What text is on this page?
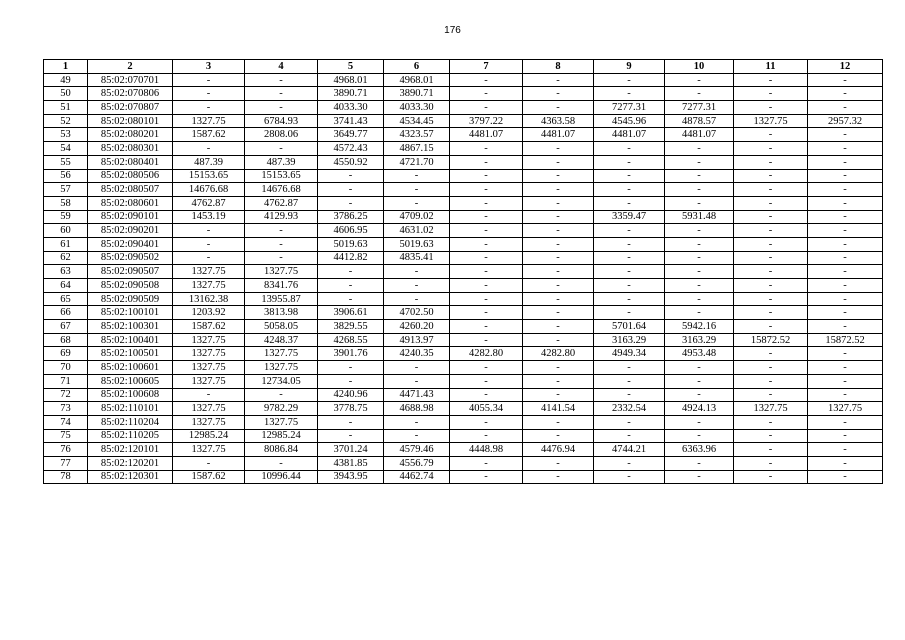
176
1	2	3	4	5	6	7	8	9	10	11	12
49	85:02:070701	-	-	4968.01	4968.01	-	-	-	-	-	-
50	85:02:070806	-	-	3890.71	3890.71	-	-	-	-	-	-
51	85:02:070807	-	-	4033.30	4033.30	-	-	7277.31	7277.31	-	-
52	85:02:080101	1327.75	6784.93	3741.43	4534.45	3797.22	4363.58	4545.96	4878.57	1327.75	2957.32
53	85:02:080201	1587.62	2808.06	3649.77	4323.57	4481.07	4481.07	4481.07	4481.07	-	-
54	85:02:080301	-	-	4572.43	4867.15	-	-	-	-	-	-
55	85:02:080401	487.39	487.39	4550.92	4721.70	-	-	-	-	-	-
56	85:02:080506	15153.65	15153.65	-	-	-	-	-	-	-	-
57	85:02:080507	14676.68	14676.68	-	-	-	-	-	-	-	-
58	85:02:080601	4762.87	4762.87	-	-	-	-	-	-	-	-
59	85:02:090101	1453.19	4129.93	3786.25	4709.02	-	-	3359.47	5931.48	-	-
60	85:02:090201	-	-	4606.95	4631.02	-	-	-	-	-	-
61	85:02:090401	-	-	5019.63	5019.63	-	-	-	-	-	-
62	85:02:090502	-	-	4412.82	4835.41	-	-	-	-	-	-
63	85:02:090507	1327.75	1327.75	-	-	-	-	-	-	-	-
64	85:02:090508	1327.75	8341.76	-	-	-	-	-	-	-	-
65	85:02:090509	13162.38	13955.87	-	-	-	-	-	-	-	-
66	85:02:100101	1203.92	3813.98	3906.61	4702.50	-	-	-	-	-	-
67	85:02:100301	1587.62	5058.05	3829.55	4260.20	-	-	5701.64	5942.16	-	-
68	85:02:100401	1327.75	4248.37	4268.55	4913.97	-	-	3163.29	3163.29	15872.52	15872.52
69	85:02:100501	1327.75	1327.75	3901.76	4240.35	4282.80	4282.80	4949.34	4953.48	-	-
70	85:02:100601	1327.75	1327.75	-	-	-	-	-	-	-	-
71	85:02:100605	1327.75	12734.05	-	-	-	-	-	-	-	-
72	85:02:100608	-	-	4240.96	4471.43	-	-	-	-	-	-
73	85:02:110101	1327.75	9782.29	3778.75	4688.98	4055.34	4141.54	2332.54	4924.13	1327.75	1327.75
74	85:02:110204	1327.75	1327.75	-	-	-	-	-	-	-	-
75	85:02:110205	12985.24	12985.24	-	-	-	-	-	-	-	-
76	85:02:120101	1327.75	8086.84	3701.24	4579.46	4448.98	4476.94	4744.21	6363.96	-	-
77	85:02:120201	-	-	4381.85	4556.79	-	-	-	-	-	-
78	85:02:120301	1587.62	10996.44	3943.95	4462.74	-	-	-	-	-	-
